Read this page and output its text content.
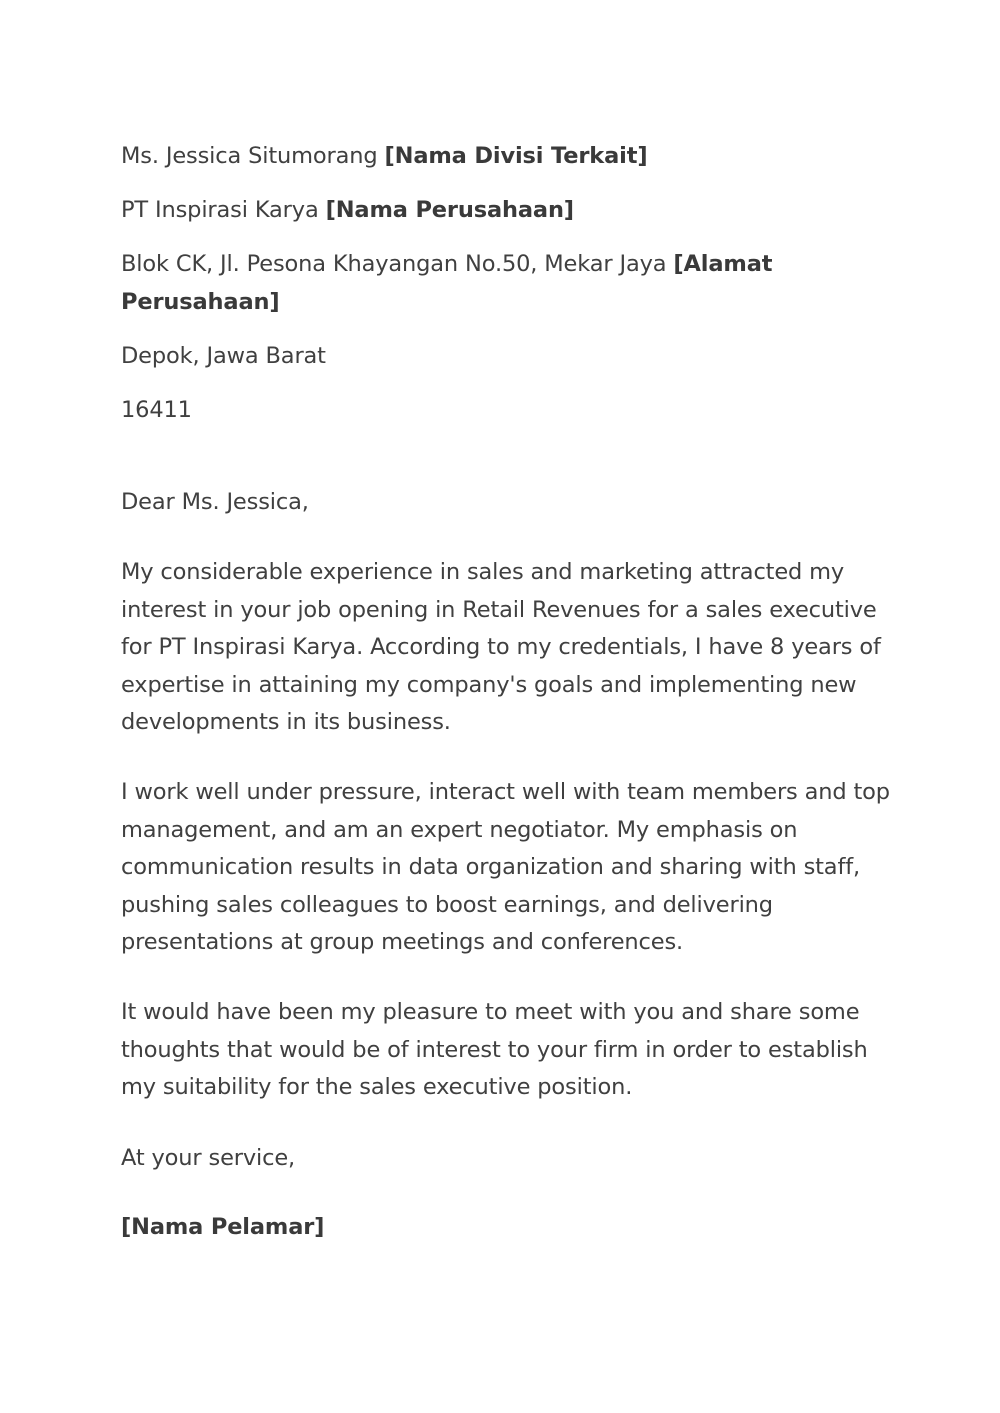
Ms. Jessica Situmorang [Nama Divisi Terkait]
PT Inspirasi Karya [Nama Perusahaan]
Blok CK, Jl. Pesona Khayangan No.50, Mekar Jaya [Alamat
Perusahaan]
Depok, Jawa Barat
16411
Dear Ms. Jessica,
My considerable experience in sales and marketing attracted my
interest in your job opening in Retail Revenues for a sales executive
for PT Inspirasi Karya. According to my credentials, I have 8 years of
expertise in attaining my company's goals and implementing new
developments in its business.
I work well under pressure, interact well with team members and top
management, and am an expert negotiator. My emphasis on
communication results in data organization and sharing with staff,
pushing sales colleagues to boost earnings, and delivering
presentations at group meetings and conferences.
It would have been my pleasure to meet with you and share some
thoughts that would be of interest to your firm in order to establish
my suitability for the sales executive position.
At your service,
[Nama Pelamar]
